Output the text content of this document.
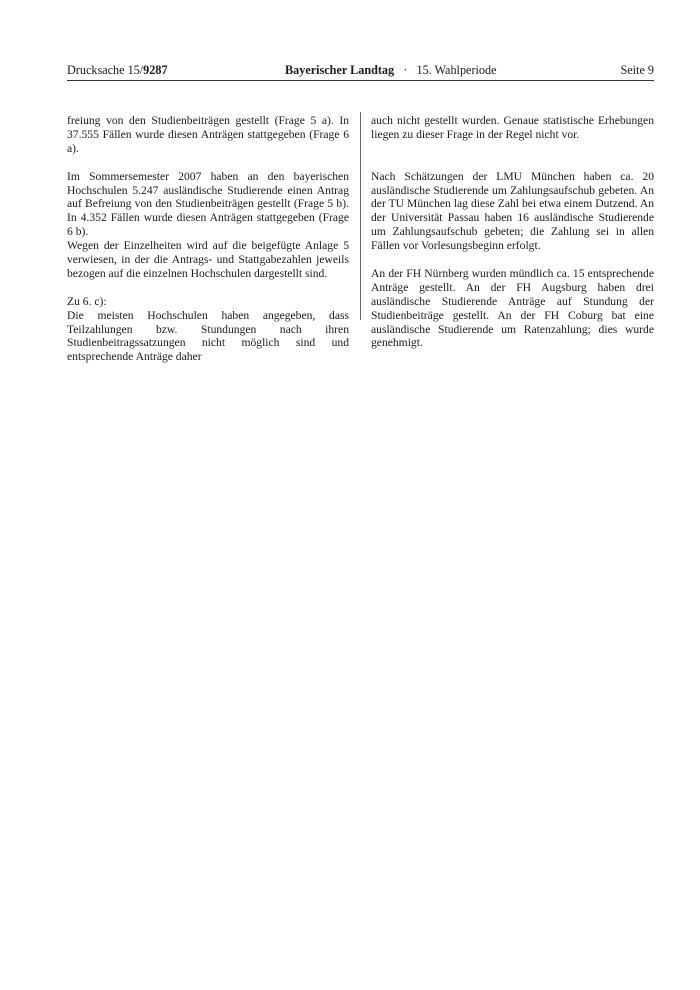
Drucksache 15/9287	Bayerischer Landtag · 15. Wahlperiode	Seite 9

freiung von den Studienbeiträgen gestellt (Frage 5 a). In 37.555 Fällen wurde diesen Anträgen stattgegeben (Frage 6 a).

Im Sommersemester 2007 haben an den bayerischen Hochschulen 5.247 ausländische Studierende einen Antrag auf Befreiung von den Studienbeiträgen gestellt (Frage 5 b). In 4.352 Fällen wurde diesen Anträgen stattgegeben (Frage 6 b).

Wegen der Einzelheiten wird auf die beigefügte Anlage 5 verwiesen, in der die Antrags- und Stattgabezahlen jeweils bezogen auf die einzelnen Hochschulen dargestellt sind.

Zu 6. c):

Die meisten Hochschulen haben angegeben, dass Teilzahlungen bzw. Stundungen nach ihren Studienbeitragssatzungen nicht möglich sind und entsprechende Anträge daher

auch nicht gestellt wurden. Genaue statistische Erhebungen liegen zu dieser Frage in der Regel nicht vor.

Nach Schätzungen der LMU München haben ca. 20 ausländische Studierende um Zahlungsaufschub gebeten. An der TU München lag diese Zahl bei etwa einem Dutzend. An der Universität Passau haben 16 ausländische Studierende um Zahlungsaufschub gebeten; die Zahlung sei in allen Fällen vor Vorlesungsbeginn erfolgt.

An der FH Nürnberg wurden mündlich ca. 15 entsprechende Anträge gestellt. An der FH Augsburg haben drei ausländische Studierende Anträge auf Stundung der Studienbeiträge gestellt. An der FH Coburg bat eine ausländische Studierende um Ratenzahlung; dies wurde genehmigt.
